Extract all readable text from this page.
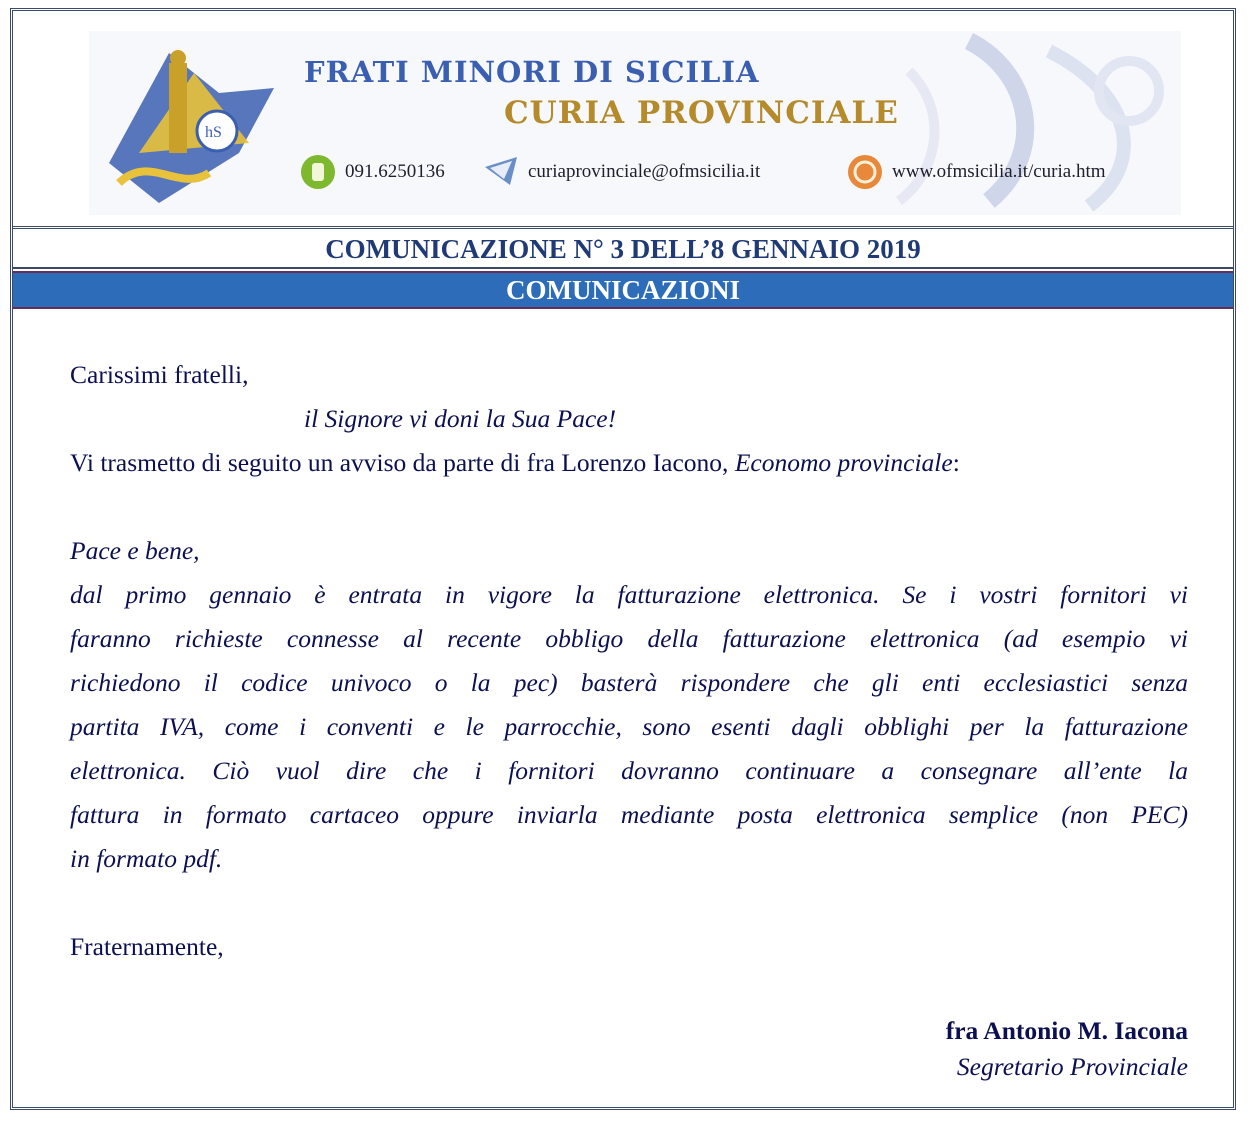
hS
FRATI MINORI DI SICILIA
CURIA PROVINCIALE
091.6250136	curiaprovinciale@ofmsicilia.it	www.ofmsicilia.it/curia.htm
COMUNICAZIONE N° 3 DELL’8 GENNAIO 2019
COMUNICAZIONI

Carissimi fratelli,

il Signore vi doni la Sua Pace!

Vi trasmetto di seguito un avviso da parte di fra Lorenzo Iacono, Economo provinciale:

Pace e bene,

dal primo gennaio è entrata in vigore la fatturazione elettronica. Se i vostri fornitori vi

faranno richieste connesse al recente obbligo della fatturazione elettronica (ad esempio vi

richiedono il codice univoco o la pec) basterà rispondere che gli enti ecclesiastici senza

partita IVA, come i conventi e le parrocchie, sono esenti dagli obblighi per la fatturazione

elettronica. Ciò vuol dire che i fornitori dovranno continuare a consegnare all’ente la

fattura in formato cartaceo oppure inviarla mediante posta elettronica semplice (non PEC)

in formato pdf.

Fraternamente,

fra Antonio M. Iacona
Segretario Provinciale
